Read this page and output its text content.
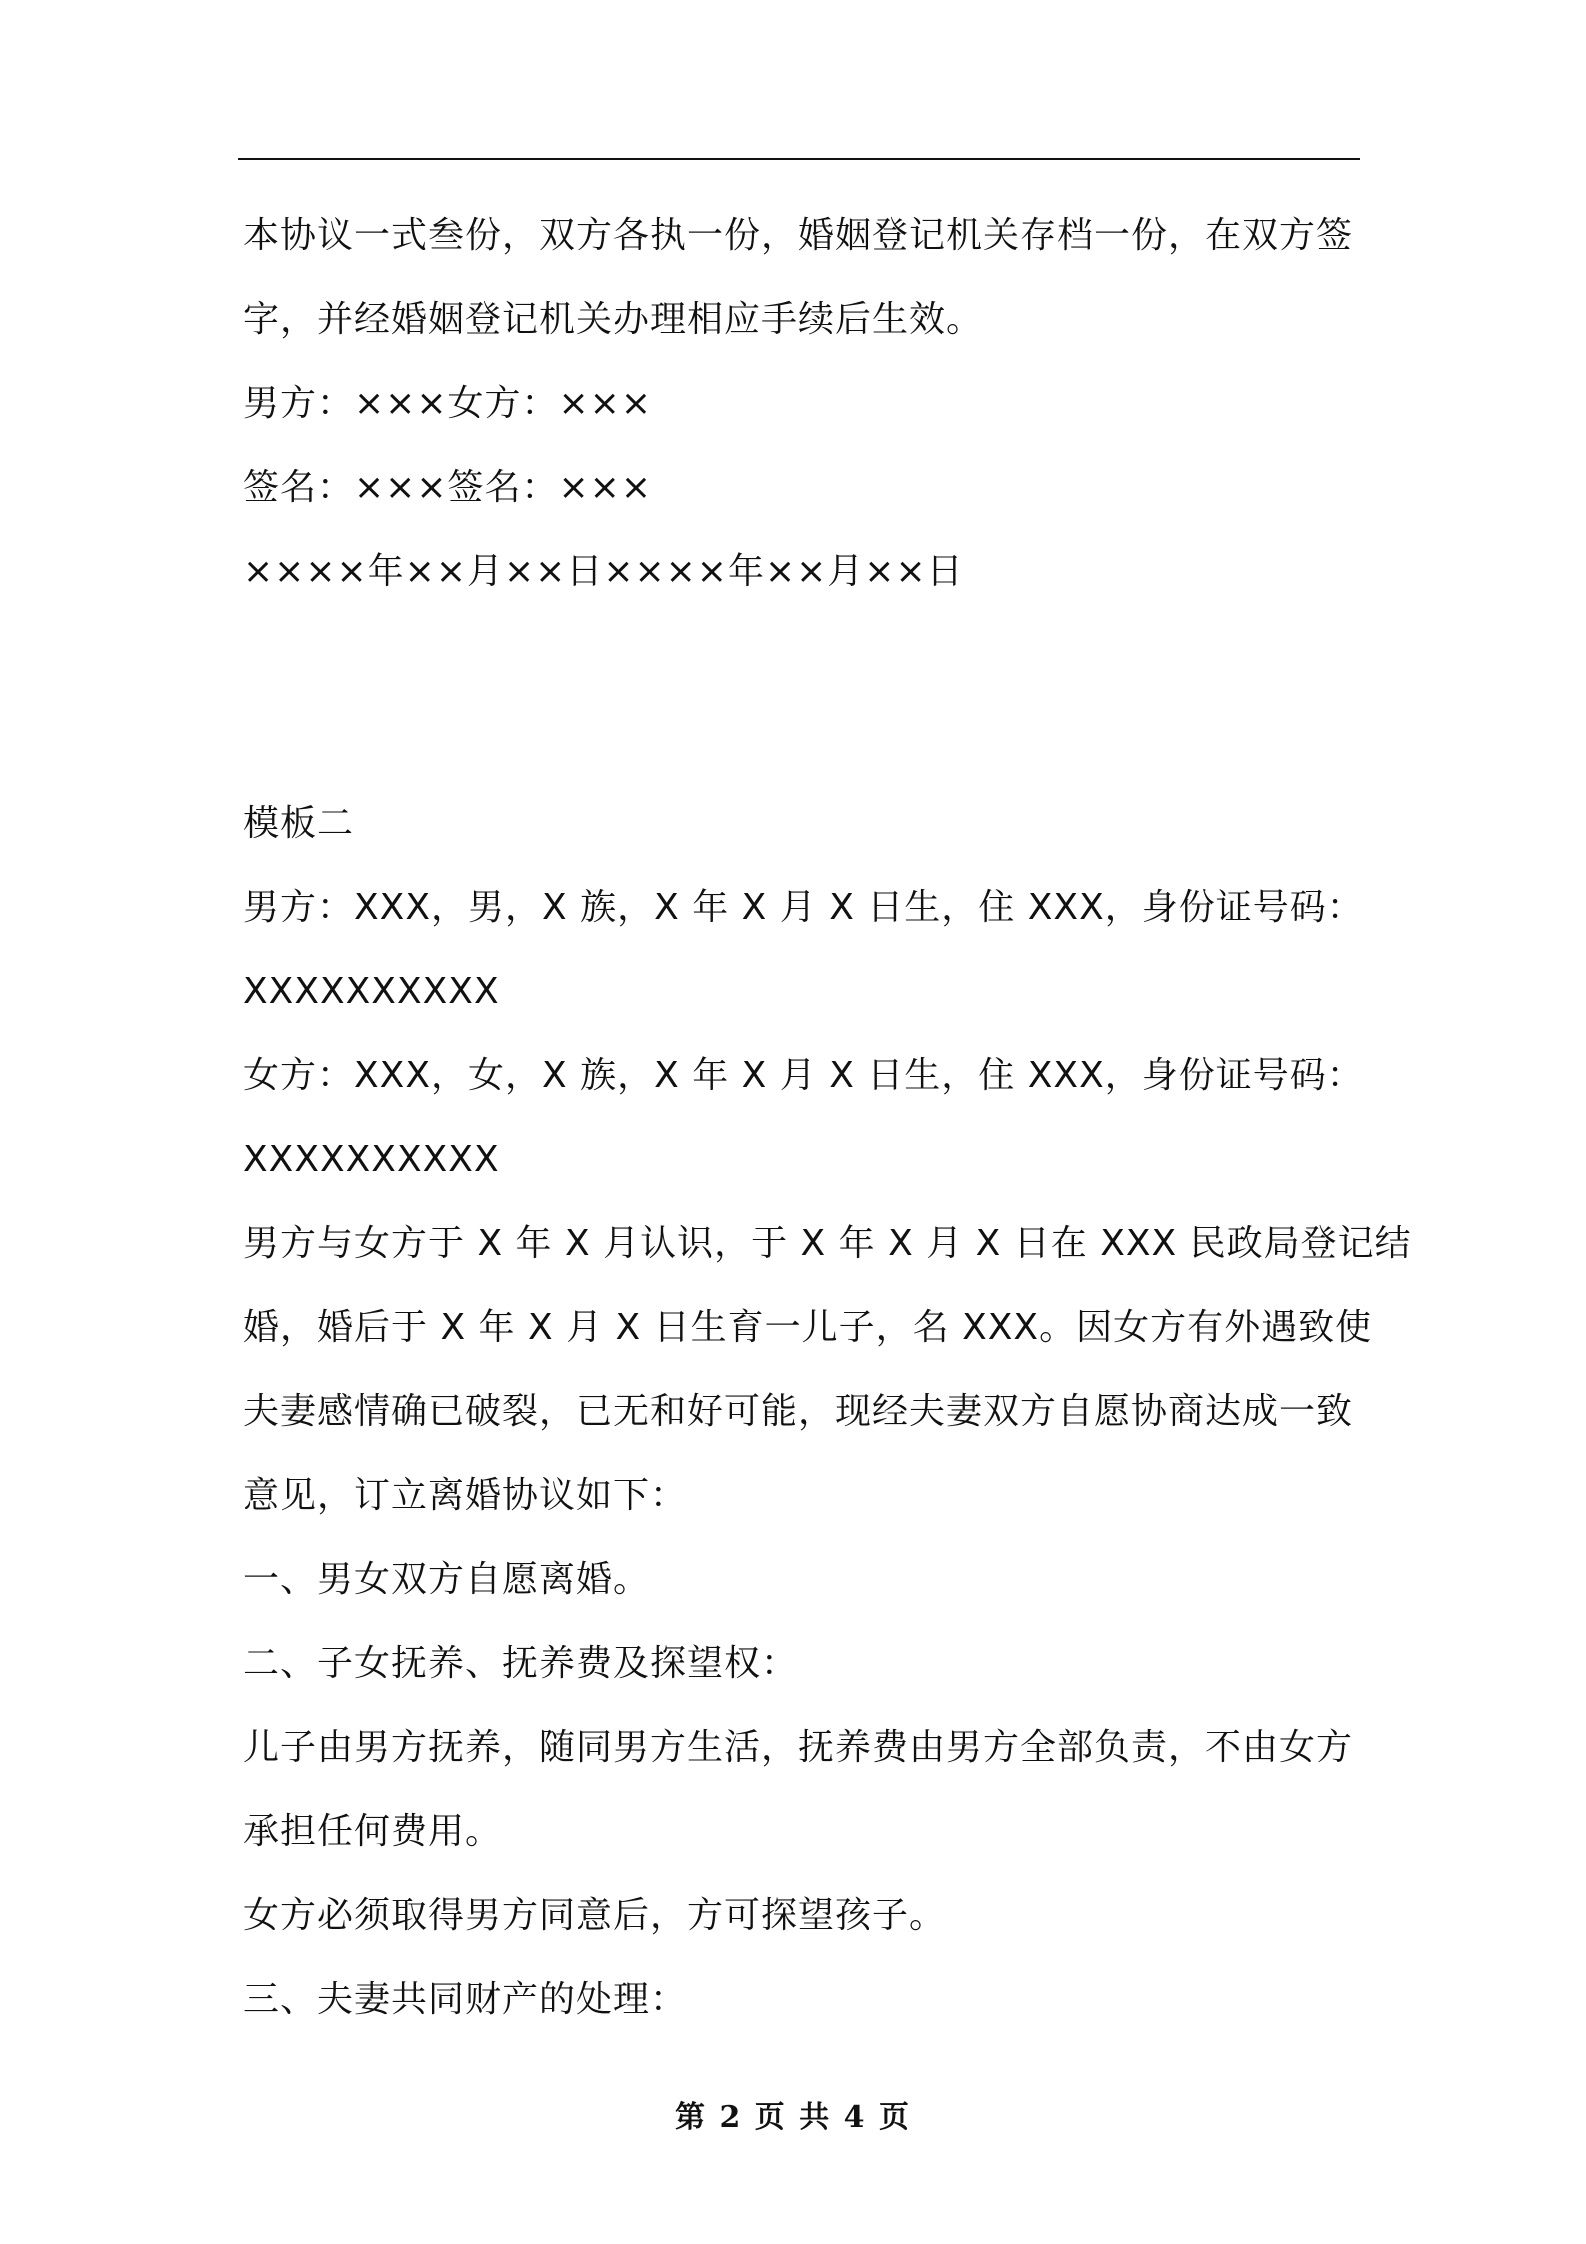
本协议一式叁份，双方各执一份，婚姻登记机关存档一份，在双方签

字，并经婚姻登记机关办理相应手续后生效。

男方：×××女方：×××

签名：×××签名：×××

××××年××月××日××××年××月××日

模板二

男方：XXX，男，X 族，X 年 X 月 X 日生，住 XXX，身份证号码：

XXXXXXXXXX

女方：XXX，女，X 族，X 年 X 月 X 日生，住 XXX，身份证号码：

XXXXXXXXXX

男方与女方于 X 年 X 月认识，于 X 年 X 月 X 日在 XXX 民政局登记结

婚，婚后于 X 年 X 月 X 日生育一儿子，名 XXX。因女方有外遇致使

夫妻感情确已破裂，已无和好可能，现经夫妻双方自愿协商达成一致

意见，订立离婚协议如下：

一、男女双方自愿离婚。

二、子女抚养、抚养费及探望权：

儿子由男方抚养，随同男方生活，抚养费由男方全部负责，不由女方

承担任何费用。

女方必须取得男方同意后，方可探望孩子。

三、夫妻共同财产的处理：

第 2 页 共 4 页
